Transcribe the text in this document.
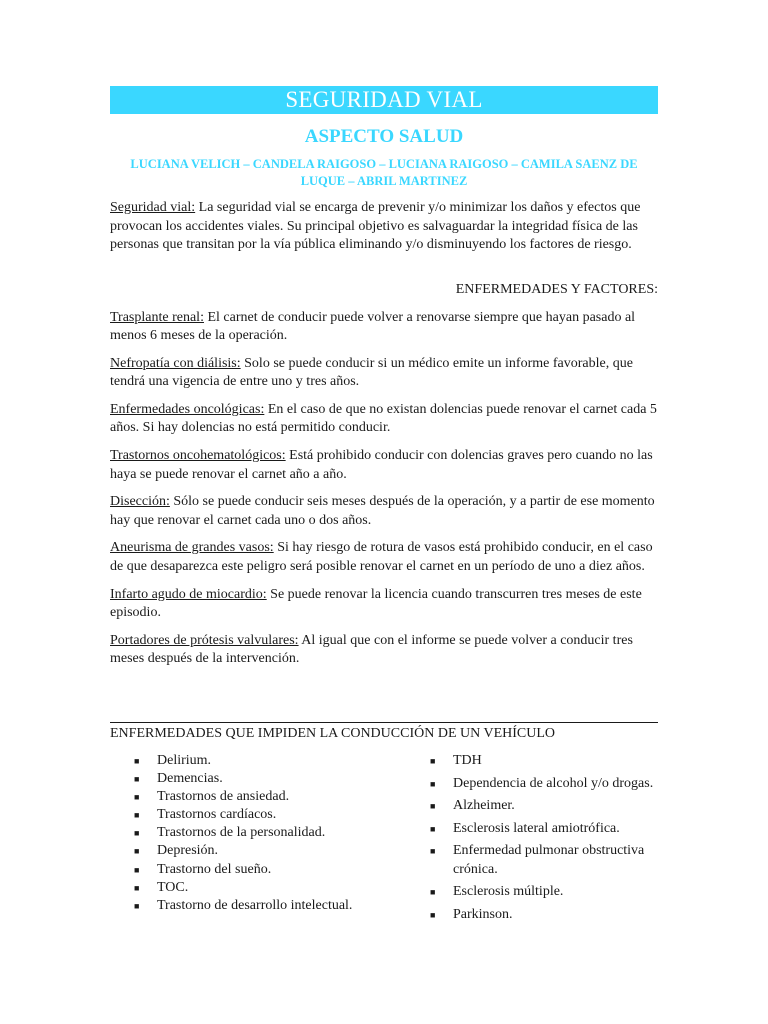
SEGURIDAD VIAL
ASPECTO SALUD
LUCIANA VELICH – CANDELA RAIGOSO – LUCIANA RAIGOSO – CAMILA SAENZ DE LUQUE – ABRIL MARTINEZ

Seguridad vial: La seguridad vial se encarga de prevenir y/o minimizar los daños y efectos que provocan los accidentes viales. Su principal objetivo es salvaguardar la integridad física de las personas que transitan por la vía pública eliminando y/o disminuyendo los factores de riesgo.

ENFERMEDADES Y FACTORES:

Trasplante renal: El carnet de conducir puede volver a renovarse siempre que hayan pasado al menos 6 meses de la operación.

Nefropatía con diálisis: Solo se puede conducir si un médico emite un informe favorable, que tendrá una vigencia de entre uno y tres años.

Enfermedades oncológicas: En el caso de que no existan dolencias puede renovar el carnet cada 5 años. Si hay dolencias no está permitido conducir.

Trastornos oncohematológicos: Está prohibido conducir con dolencias graves pero cuando no las haya se puede renovar el carnet año a año.

Disección: Sólo se puede conducir seis meses después de la operación, y a partir de ese momento hay que renovar el carnet cada uno o dos años.

Aneurisma de grandes vasos: Si hay riesgo de rotura de vasos está prohibido conducir, en el caso de que desaparezca este peligro será posible renovar el carnet en un período de uno a diez años.

Infarto agudo de miocardio: Se puede renovar la licencia cuando transcurren tres meses de este episodio.

Portadores de prótesis valvulares: Al igual que con el informe se puede volver a conducir tres meses después de la intervención.

ENFERMEDADES QUE IMPIDEN LA CONDUCCIÓN DE UN VEHÍCULO
■ Delirium.
■ Demencias.
■ Trastornos de ansiedad.
■ Trastornos cardíacos.
■ Trastornos de la personalidad.
■ Depresión.
■ Trastorno del sueño.
■ TOC.
■ Trastorno de desarrollo intelectual.
■ TDH
■ Dependencia de alcohol y/o drogas.
■ Alzheimer.
■ Esclerosis lateral amiotrófica.
■ Enfermedad pulmonar obstructiva crónica.
■ Esclerosis múltiple.
■ Parkinson.
